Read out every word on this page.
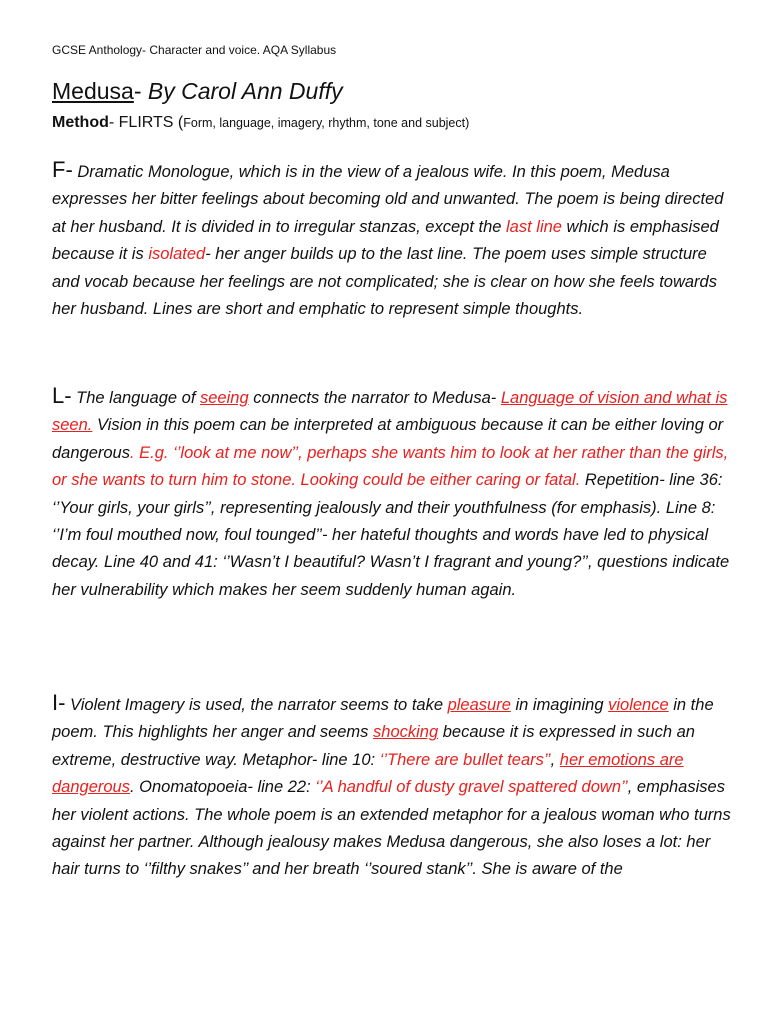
GCSE Anthology- Character and voice. AQA Syllabus
Medusa- By Carol Ann Duffy
Method- FLIRTS (Form, language, imagery, rhythm, tone and subject)

F- Dramatic Monologue, which is in the view of a jealous wife. In this poem, Medusa expresses her bitter feelings about becoming old and unwanted. The poem is being directed at her husband. It is divided in to irregular stanzas, except the last line which is emphasised because it is isolated- her anger builds up to the last line. The poem uses simple structure and vocab because her feelings are not complicated; she is clear on how she feels towards her husband. Lines are short and emphatic to represent simple thoughts.

L- The language of seeing connects the narrator to Medusa- Language of vision and what is seen. Vision in this poem can be interpreted at ambiguous because it can be either loving or dangerous. E.g. ‘’look at me now’’, perhaps she wants him to look at her rather than the girls, or she wants to turn him to stone. Looking could be either caring or fatal. Repetition- line 36: ‘’Your girls, your girls’’, representing jealously and their youthfulness (for emphasis). Line 8: ‘’I’m foul mouthed now, foul tounged’’- her hateful thoughts and words have led to physical decay. Line 40 and 41: ‘’Wasn’t I beautiful? Wasn’t I fragrant and young?’’, questions indicate her vulnerability which makes her seem suddenly human again.

I- Violent Imagery is used, the narrator seems to take pleasure in imagining violence in the poem. This highlights her anger and seems shocking because it is expressed in such an extreme, destructive way. Metaphor- line 10: ‘’There are bullet tears’’, her emotions are dangerous. Onomatopoeia- line 22: ‘’A handful of dusty gravel spattered down’’, emphasises her violent actions. The whole poem is an extended metaphor for a jealous woman who turns against her partner. Although jealousy makes Medusa dangerous, she also loses a lot: her hair turns to ‘’filthy snakes’’ and her breath ‘’soured stank’’. She is aware of the
